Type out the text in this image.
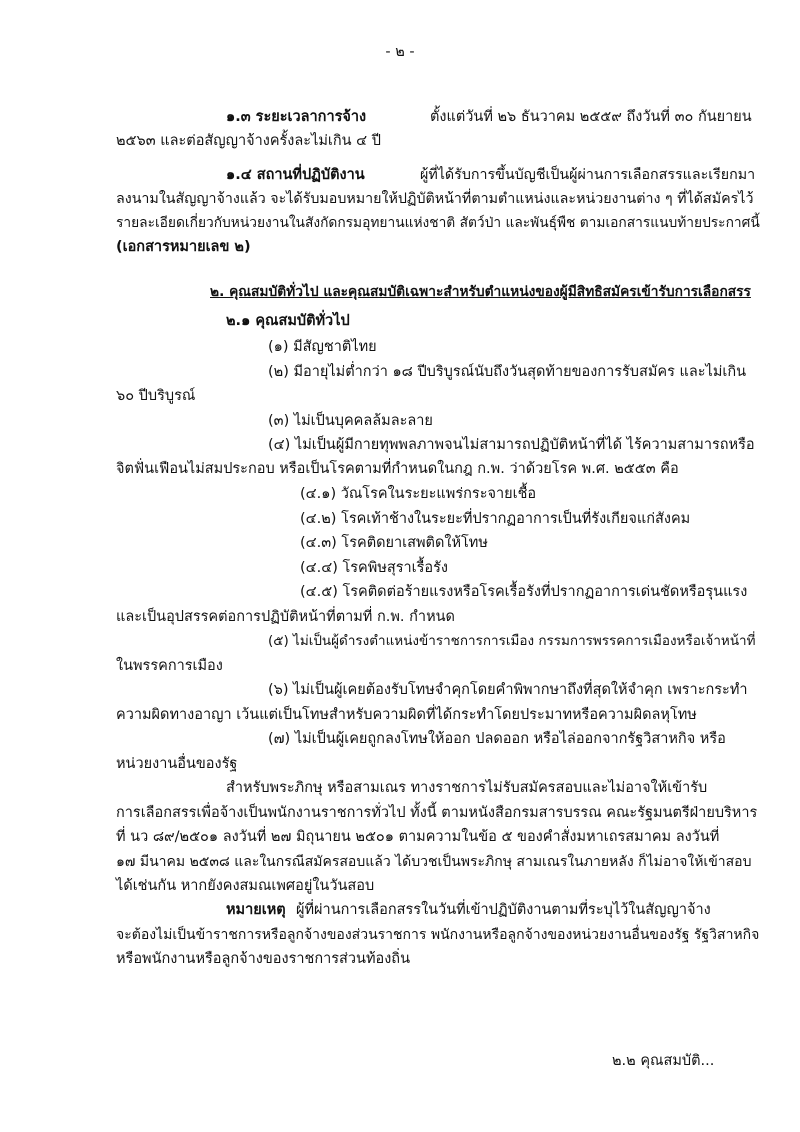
- ๒ -
๑.๓ ระยะเวลาการจ้าง	ตั้งแต่วันที่ ๒๖ ธันวาคม ๒๕๕๙ ถึงวันที่ ๓๐ กันยายน
๒๕๖๓ และต่อสัญญาจ้างครั้งละไม่เกิน ๔ ปี
๑.๔ สถานที่ปฏิบัติงาน	ผู้ที่ได้รับการขึ้นบัญชีเป็นผู้ผ่านการเลือกสรรและเรียกมา
ลงนามในสัญญาจ้างแล้ว จะได้รับมอบหมายให้ปฏิบัติหน้าที่ตามตำแหน่งและหน่วยงานต่าง ๆ ที่ได้สมัครไว้
รายละเอียดเกี่ยวกับหน่วยงานในสังกัดกรมอุทยานแห่งชาติ สัตว์ป่า และพันธุ์พืช ตามเอกสารแนบท้ายประกาศนี้
(เอกสารหมายเลข ๒)
๒. คุณสมบัติทั่วไป และคุณสมบัติเฉพาะสำหรับตำแหน่งของผู้มีสิทธิสมัครเข้ารับการเลือกสรร
๒.๑ คุณสมบัติทั่วไป
(๑) มีสัญชาติไทย
(๒) มีอายุไม่ต่ำกว่า ๑๘ ปีบริบูรณ์นับถึงวันสุดท้ายของการรับสมัคร และไม่เกิน
๖๐ ปีบริบูรณ์
(๓) ไม่เป็นบุคคลล้มละลาย
(๔) ไม่เป็นผู้มีกายทุพพลภาพจนไม่สามารถปฏิบัติหน้าที่ได้ ไร้ความสามารถหรือ
จิตฟั่นเฟือนไม่สมประกอบ หรือเป็นโรคตามที่กำหนดในกฎ ก.พ. ว่าด้วยโรค พ.ศ. ๒๕๕๓ คือ
(๔.๑) วัณโรคในระยะแพร่กระจายเชื้อ
(๔.๒) โรคเท้าช้างในระยะที่ปรากฏอาการเป็นที่รังเกียจแก่สังคม
(๔.๓) โรคติดยาเสพติดให้โทษ
(๔.๔) โรคพิษสุราเรื้อรัง
(๔.๕) โรคติดต่อร้ายแรงหรือโรคเรื้อรังที่ปรากฏอาการเด่นชัดหรือรุนแรง
และเป็นอุปสรรคต่อการปฏิบัติหน้าที่ตามที่ ก.พ. กำหนด
(๕) ไม่เป็นผู้ดำรงตำแหน่งข้าราชการการเมือง กรรมการพรรคการเมืองหรือเจ้าหน้าที่
ในพรรคการเมือง
(๖) ไม่เป็นผู้เคยต้องรับโทษจำคุกโดยคำพิพากษาถึงที่สุดให้จำคุก เพราะกระทำ
ความผิดทางอาญา เว้นแต่เป็นโทษสำหรับความผิดที่ได้กระทำโดยประมาทหรือความผิดลหุโทษ
(๗) ไม่เป็นผู้เคยถูกลงโทษให้ออก ปลดออก หรือไล่ออกจากรัฐวิสาหกิจ หรือ
หน่วยงานอื่นของรัฐ
สำหรับพระภิกษุ หรือสามเณร ทางราชการไม่รับสมัครสอบและไม่อาจให้เข้ารับ
การเลือกสรรเพื่อจ้างเป็นพนักงานราชการทั่วไป ทั้งนี้ ตามหนังสือกรมสารบรรณ คณะรัฐมนตรีฝ่ายบริหาร
ที่ นว ๘๙/๒๕๐๑ ลงวันที่ ๒๗ มิถุนายน ๒๕๐๑ ตามความในข้อ ๕ ของคำสั่งมหาเถรสมาคม ลงวันที่
๑๗ มีนาคม ๒๕๓๘ และในกรณีสมัครสอบแล้ว ได้บวชเป็นพระภิกษุ สามเณรในภายหลัง ก็ไม่อาจให้เข้าสอบ
ได้เช่นกัน หากยังคงสมณเพศอยู่ในวันสอบ
หมายเหตุ ผู้ที่ผ่านการเลือกสรรในวันที่เข้าปฏิบัติงานตามที่ระบุไว้ในสัญญาจ้าง
จะต้องไม่เป็นข้าราชการหรือลูกจ้างของส่วนราชการ พนักงานหรือลูกจ้างของหน่วยงานอื่นของรัฐ รัฐวิสาหกิจ
หรือพนักงานหรือลูกจ้างของราชการส่วนท้องถิ่น
๒.๒ คุณสมบัติ...
